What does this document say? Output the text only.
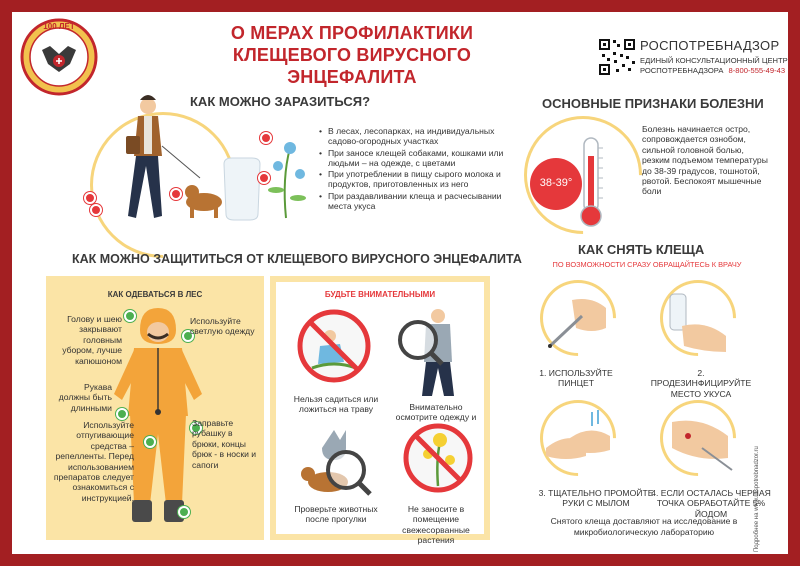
100 ЛЕТ	О МЕРАХ ПРОФИЛАКТИКИ
КЛЕЩЕВОГО ВИРУСНОГО ЭНЦЕФАЛИТА
РОСПОТРЕБНАДЗОР
ЕДИНЫЙ КОНСУЛЬТАЦИОННЫЙ ЦЕНТР
РОСПОТРЕБНАДЗОРА 8-800-555-49-43
КАК МОЖНО ЗАРАЗИТЬСЯ?
• В лесах, лесопарках, на индивидуальных садово-огородных участках
• При заносе клещей собаками, кошками или людьми – на одежде, с цветами
• При употреблении в пищу сырого молока и продуктов, приготовленных из него
• При раздавливании клеща и расчесывании места укуса
ОСНОВНЫЕ ПРИЗНАКИ БОЛЕЗНИ
38-39°
Болезнь начинается остро, сопровождается ознобом, сильной головной болью, резким подъемом температуры до 38-39 градусов, тошнотой, рвотой. Беспокоят мышечные боли
КАК МОЖНО ЗАЩИТИТЬСЯ ОТ КЛЕЩЕВОГО ВИРУСНОГО ЭНЦЕФАЛИТА
КАК ОДЕВАТЬСЯ В ЛЕС
Голову и шею закрывают головным убором, лучше капюшоном
Используйте светлую одежду
Рукава должны быть длинными
Используйте отпугивающие средства – репелленты. Перед использованием препаратов следует ознакомиться с инструкцией.
Заправьте рубашку в брюки, концы брюк - в носки и сапоги
БУДЬТЕ ВНИМАТЕЛЬНЫМИ
Нельзя садиться или ложиться на траву	Внимательно осмотрите одежду и
Проверьте животных после прогулки
Не заносите в помещение свежесорванные растения
КАК СНЯТЬ КЛЕЩА
ПО ВОЗМОЖНОСТИ СРАЗУ ОБРАЩАЙТЕСЬ К ВРАЧУ
1. ИСПОЛЬЗУЙТЕ ПИНЦЕТ
2. ПРОДЕЗИНФИЦИРУЙТЕ МЕСТО УКУСА
3. ТЩАТЕЛЬНО ПРОМОЙТЕ РУКИ С МЫЛОМ
4. ЕСЛИ ОСТАЛАСЬ ЧЕРНАЯ ТОЧКА ОБРАБОТАЙТЕ 5% ЙОДОМ
Снятого клеща доставляют на исследование в микробиологическую лабораторию	Подробнее на www.rospotrebnadzor.ru
